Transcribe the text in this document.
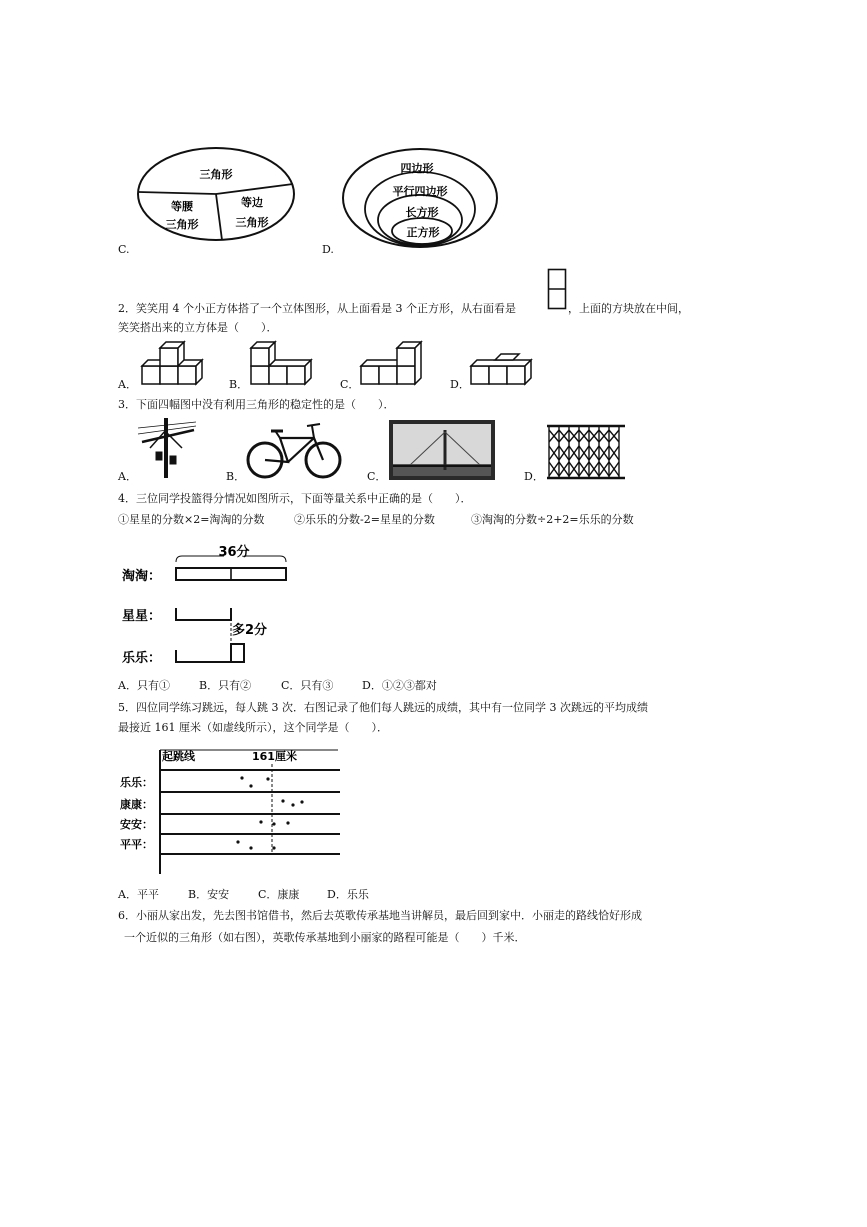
三角形
等腰
三角形
等边
三角形
C.
四边形
平行四边形
长方形
正方形
D.
2．笑笑用 4 个小正方体搭了一个立体图形，从上面看是 3 个正方形，从右面看是	，上面的方块放在中间，
笑笑搭出来的立方体是（　　）．
A．	B．	C．	D．
3．下面四幅图中没有利用三角形的稳定性的是（　　）．
A．	B．	C．	D．
4．三位同学投篮得分情况如图所示，下面等量关系中正确的是（　　）．
①星星的分数×2=淘淘的分数	②乐乐的分数-2=星星的分数	③淘淘的分数÷2+2=乐乐的分数
36分
淘淘：
星星：
多2分
乐乐：
A．只有①	B．只有②	C．只有③	D．①②③都对
5．四位同学练习跳远，每人跳 3 次．右图记录了他们每人跳远的成绩，其中有一位同学 3 次跳远的平均成绩
最接近 161 厘米（如虚线所示），这个同学是（　　）．
起跳线	161厘米
乐乐：
康康：
安安：
平平：
A．平平	B．安安	C．康康	D．乐乐
6．小丽从家出发，先去图书馆借书，然后去英歌传承基地当讲解员，最后回到家中．小丽走的路线恰好形成
一个近似的三角形（如右图），英歌传承基地到小丽家的路程可能是（　　）千米．
